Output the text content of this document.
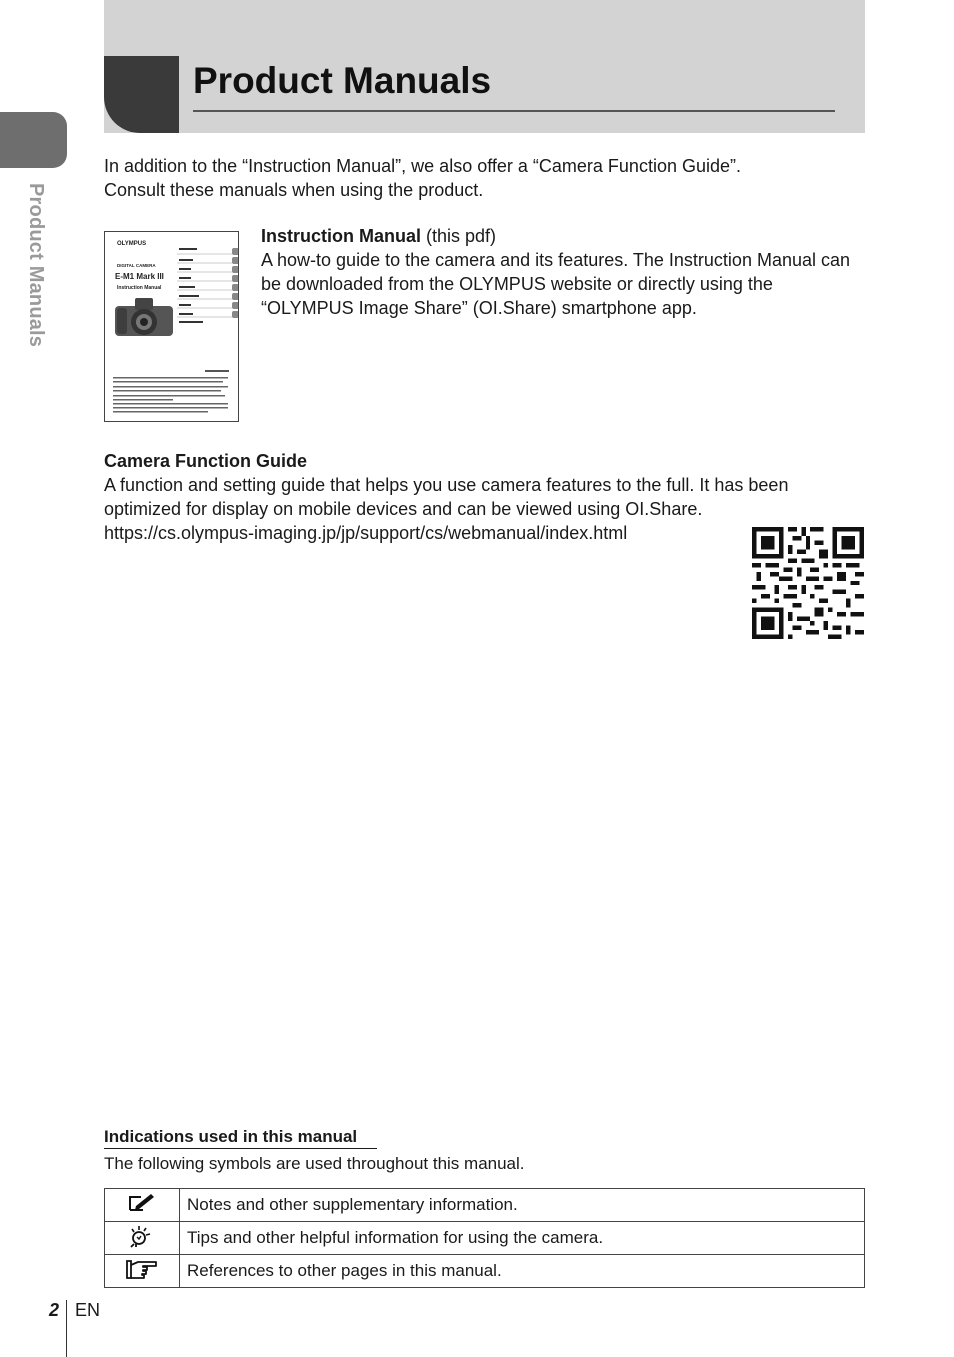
Product Manuals
Product Manuals
In addition to the “Instruction Manual”, we also offer a “Camera Function Guide”.
Consult these manuals when using the product.
OLYMPUS
DIGITAL CAMERA
E-M1 Mark III
Instruction Manual
Instruction Manual (this pdf)
A how-to guide to the camera and its features. The Instruction Manual can be downloaded from the OLYMPUS website or directly using the “OLYMPUS Image Share” (OI.Share) smartphone app.
Camera Function Guide
A function and setting guide that helps you use camera features to the full. It has been optimized for display on mobile devices and can be viewed using OI.Share.
https://cs.olympus-imaging.jp/jp/support/cs/webmanual/index.html
Indications used in this manual
The following symbols are used throughout this manual.
	Notes and other supplementary information.
	Tips and other helpful information for using the camera.
	References to other pages in this manual.
2 EN
